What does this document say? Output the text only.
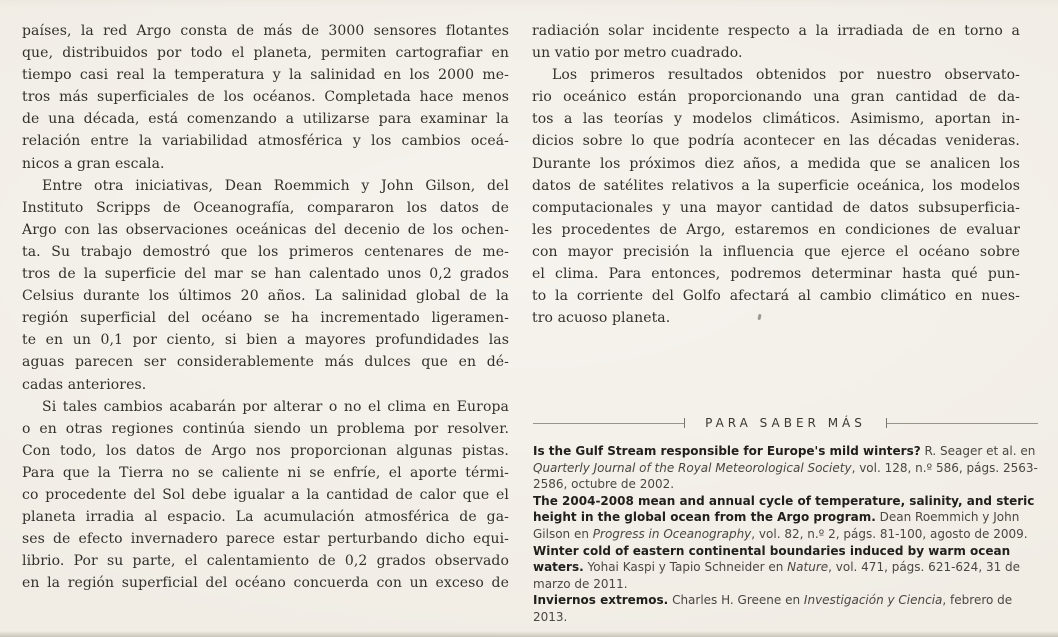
países, la red Argo consta de más de 3000 sensores flotantes
que, distribuidos por todo el planeta, permiten cartografiar en
tiempo casi real la temperatura y la salinidad en los 2000 me-
tros más superficiales de los océanos. Completada hace menos
de una década, está comenzando a utilizarse para examinar la
relación entre la variabilidad atmosférica y los cambios oceá-
nicos a gran escala.
Entre otra iniciativas, Dean Roemmich y John Gilson, del
Instituto Scripps de Oceanografía, compararon los datos de
Argo con las observaciones oceánicas del decenio de los ochen-
ta. Su trabajo demostró que los primeros centenares de me-
tros de la superficie del mar se han calentado unos 0,2 grados
Celsius durante los últimos 20 años. La salinidad global de la
región superficial del océano se ha incrementado ligeramen-
te en un 0,1 por ciento, si bien a mayores profundidades las
aguas parecen ser considerablemente más dulces que en dé-
cadas anteriores.
Si tales cambios acabarán por alterar o no el clima en Europa
o en otras regiones continúa siendo un problema por resolver.
Con todo, los datos de Argo nos proporcionan algunas pistas.
Para que la Tierra no se caliente ni se enfríe, el aporte térmi-
co procedente del Sol debe igualar a la cantidad de calor que el
planeta irradia al espacio. La acumulación atmosférica de ga-
ses de efecto invernadero parece estar perturbando dicho equi-
librio. Por su parte, el calentamiento de 0,2 grados observado
en la región superficial del océano concuerda con un exceso de
radiación solar incidente respecto a la irradiada de en torno a
un vatio por metro cuadrado.
Los primeros resultados obtenidos por nuestro observato-
rio oceánico están proporcionando una gran cantidad de da-
tos a las teorías y modelos climáticos. Asimismo, aportan in-
dicios sobre lo que podría acontecer en las décadas venideras.
Durante los próximos diez años, a medida que se analicen los
datos de satélites relativos a la superficie oceánica, los modelos
computacionales y una mayor cantidad de datos subsuperficia-
les procedentes de Argo, estaremos en condiciones de evaluar
con mayor precisión la influencia que ejerce el océano sobre
el clima. Para entonces, podremos determinar hasta qué pun-
to la corriente del Golfo afectará al cambio climático en nues-
tro acuoso planeta.
PARA SABER MÁS
Is the Gulf Stream responsible for Europe's mild winters? R. Seager et al. en Quarterly Journal of the Royal Meteorological Society, vol. 128, n.º 586, págs. 2563-2586, octubre de 2002.
The 2004-2008 mean and annual cycle of temperature, salinity, and steric height in the global ocean from the Argo program. Dean Roemmich y John Gilson en Progress in Oceanography, vol. 82, n.º 2, págs. 81-100, agosto de 2009.
Winter cold of eastern continental boundaries induced by warm ocean waters. Yohai Kaspi y Tapio Schneider en Nature, vol. 471, págs. 621-624, 31 de marzo de 2011.
Inviernos extremos. Charles H. Greene en Investigación y Ciencia, febrero de 2013.
